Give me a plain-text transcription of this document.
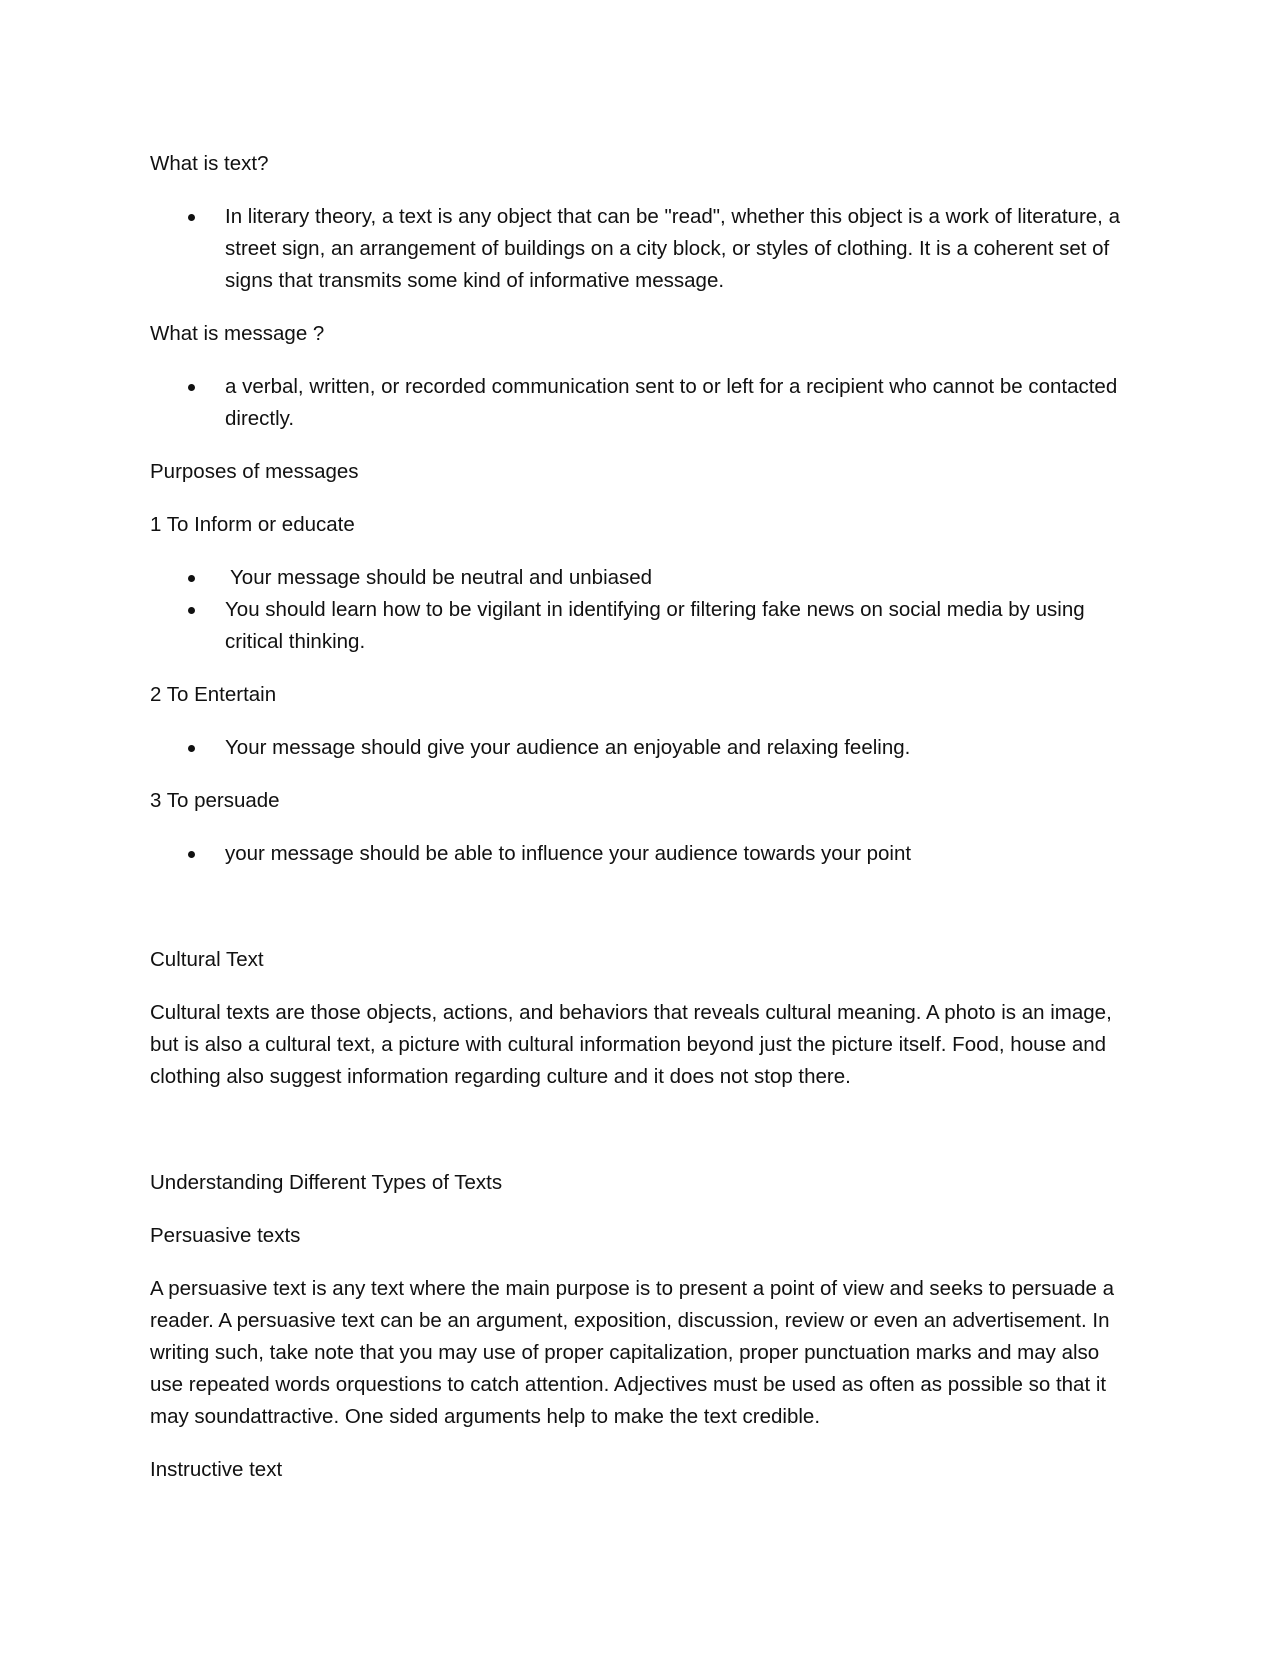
What is text?

In literary theory, a text is any object that can be "read", whether this object is a work of literature, a street sign, an arrangement of buildings on a city block, or styles of clothing. It is a coherent set of signs that transmits some kind of informative message.

What is message ?

a verbal, written, or recorded communication sent to or left for a recipient who cannot be contacted directly.

Purposes of messages

1 To Inform or educate

Your message should be neutral and unbiased
You should learn how to be vigilant in identifying or filtering fake news on social media by using critical thinking.

2 To Entertain

Your message should give your audience an enjoyable and relaxing feeling.

3 To persuade

your message should be able to influence your audience towards your point

Cultural Text

Cultural texts are those objects, actions, and behaviors that reveals cultural meaning. A photo is an image, but is also a cultural text, a picture with cultural information beyond just the picture itself. Food, house and clothing also suggest information regarding culture and it does not stop there.

Understanding Different Types of Texts

Persuasive texts

A persuasive text is any text where the main purpose is to present a point of view and seeks to persuade a reader. A persuasive text can be an argument, exposition, discussion, review or even an advertisement. In writing such, take note that you may use of proper capitalization, proper punctuation marks and may also use repeated words orquestions to catch attention. Adjectives must be used as often as possible so that it may soundattractive. One sided arguments help to make the text credible.

Instructive text
